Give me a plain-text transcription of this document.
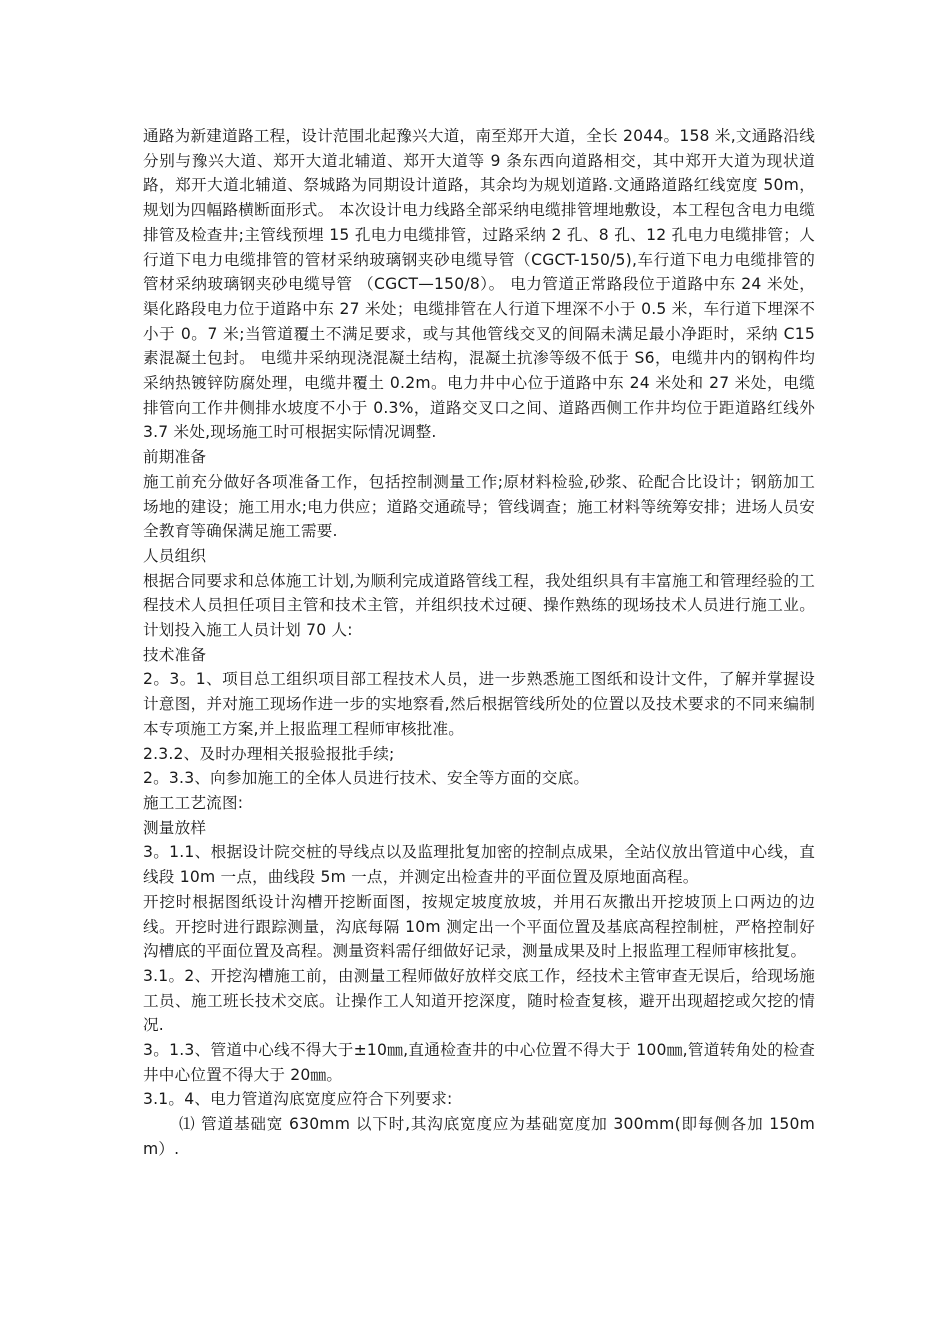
通路为新建道路工程，设计范围北起豫兴大道，南至郑开大道，全长 2044。158 米,文通路沿线分别与豫兴大道、郑开大道北辅道、郑开大道等 9 条东西向道路相交，其中郑开大道为现状道路，郑开大道北辅道、祭城路为同期设计道路，其余均为规划道路.文通路道路红线宽度 50m，规划为四幅路横断面形式。 本次设计电力线路全部采纳电缆排管埋地敷设，本工程包含电力电缆排管及检查井;主管线预埋 15 孔电力电缆排管，过路采纳 2 孔、8 孔、12 孔电力电缆排管；人行道下电力电缆排管的管材采纳玻璃钢夹砂电缆导管（CGCT-150/5),车行道下电力电缆排管的管材采纳玻璃钢夹砂电缆导管 （CGCT—150/8）。 电力管道正常路段位于道路中东 24 米处，渠化路段电力位于道路中东 27 米处；电缆排管在人行道下埋深不小于 0.5 米，车行道下埋深不小于 0。7 米;当管道覆土不满足要求，或与其他管线交叉的间隔未满足最小净距时，采纳 C15 素混凝土包封。 电缆井采纳现浇混凝土结构，混凝土抗渗等级不低于 S6，电缆井内的钢构件均采纳热镀锌防腐处理，电缆井覆土 0.2m。电力井中心位于道路中东 24 米处和 27 米处，电缆排管向工作井侧排水坡度不小于 0.3%，道路交叉口之间、道路西侧工作井均位于距道路红线外 3.7 米处,现场施工时可根据实际情况调整.

前期准备

施工前充分做好各项准备工作，包括控制测量工作;原材料检验,砂浆、砼配合比设计；钢筋加工场地的建设；施工用水;电力供应；道路交通疏导；管线调查；施工材料等统筹安排；进场人员安全教育等确保满足施工需要.

人员组织

根据合同要求和总体施工计划,为顺利完成道路管线工程，我处组织具有丰富施工和管理经验的工程技术人员担任项目主管和技术主管，并组织技术过硬、操作熟练的现场技术人员进行施工业。计划投入施工人员计划 70 人:

技术准备

2。3。1、项目总工组织项目部工程技术人员，进一步熟悉施工图纸和设计文件，了解并掌握设计意图，并对施工现场作进一步的实地察看,然后根据管线所处的位置以及技术要求的不同来编制本专项施工方案,并上报监理工程师审核批准。

2.3.2、及时办理相关报验报批手续;

2。3.3、向参加施工的全体人员进行技术、安全等方面的交底。

施工工艺流图:

测量放样

3。1.1、根据设计院交桩的导线点以及监理批复加密的控制点成果，全站仪放出管道中心线，直线段 10m 一点，曲线段 5m 一点，并测定出检查井的平面位置及原地面高程。

开挖时根据图纸设计沟槽开挖断面图，按规定坡度放坡，并用石灰撒出开挖坡顶上口两边的边线。开挖时进行跟踪测量，沟底每隔 10m 测定出一个平面位置及基底高程控制桩，严格控制好沟槽底的平面位置及高程。测量资料需仔细做好记录，测量成果及时上报监理工程师审核批复。

3.1。2、开挖沟槽施工前，由测量工程师做好放样交底工作，经技术主管审查无误后，给现场施工员、施工班长技术交底。让操作工人知道开挖深度，随时检查复核，避开出现超挖或欠挖的情况.

3。1.3、管道中心线不得大于±10㎜,直通检查井的中心位置不得大于 100㎜,管道转角处的检查井中心位置不得大于 20㎜。

3.1。4、电力管道沟底宽度应符合下列要求:

⑴ 管道基础宽 630mm 以下时,其沟底宽度应为基础宽度加 300mm(即每侧各加 150mm）.
